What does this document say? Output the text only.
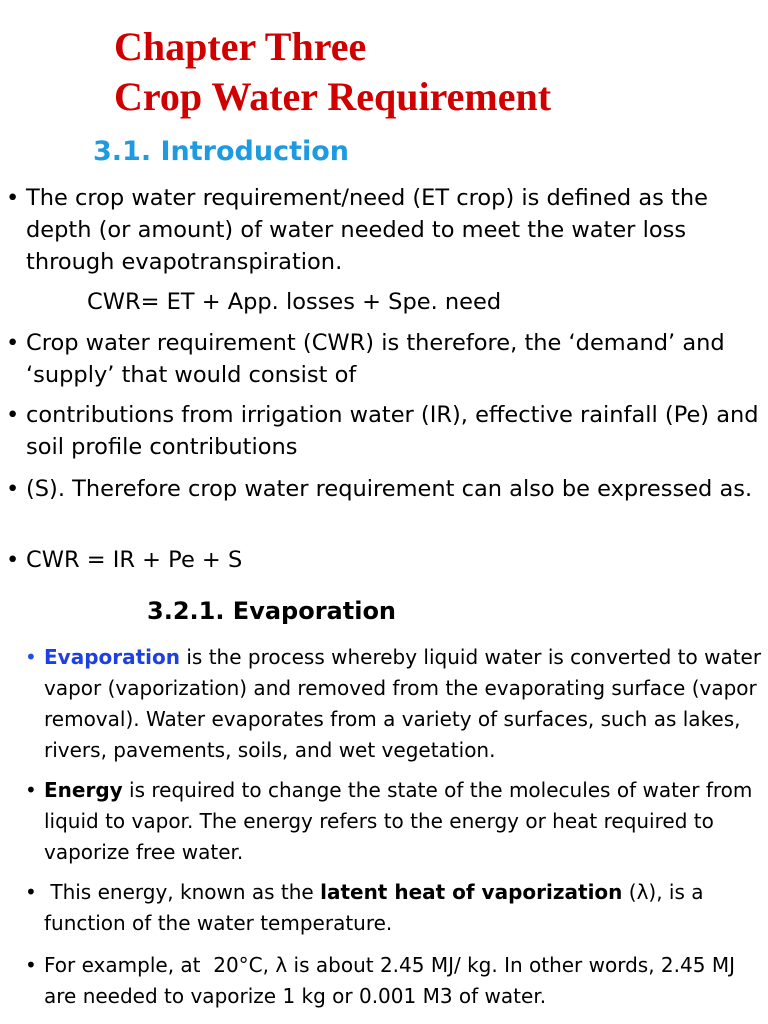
Chapter Three
Crop Water Requirement
3.1. Introduction
• The crop water requirement/need (ET crop) is defined as the depth (or amount) of water needed to meet the water loss through evapotranspiration.
CWR= ET + App. losses + Spe. need
• Crop water requirement (CWR) is therefore, the ‘demand’ and ‘supply’ that would consist of
• contributions from irrigation water (IR), effective rainfall (Pe) and soil profile contributions
• (S). Therefore crop water requirement can also be expressed as.
• CWR = IR + Pe + S
3.2.1. Evaporation
• Evaporation is the process whereby liquid water is converted to water vapor (vaporization) and removed from the evaporating surface (vapor removal). Water evaporates from a variety of surfaces, such as lakes, rivers, pavements, soils, and wet vegetation.
• Energy is required to change the state of the molecules of water from liquid to vapor. The energy refers to the energy or heat required to vaporize free water.
• This energy, known as the latent heat of vaporization (λ), is a function of the water temperature.
• For example, at  20°C, λ is about 2.45 MJ/ kg. In other words, 2.45 MJ are needed to vaporize 1 kg or 0.001 M3 of water.
